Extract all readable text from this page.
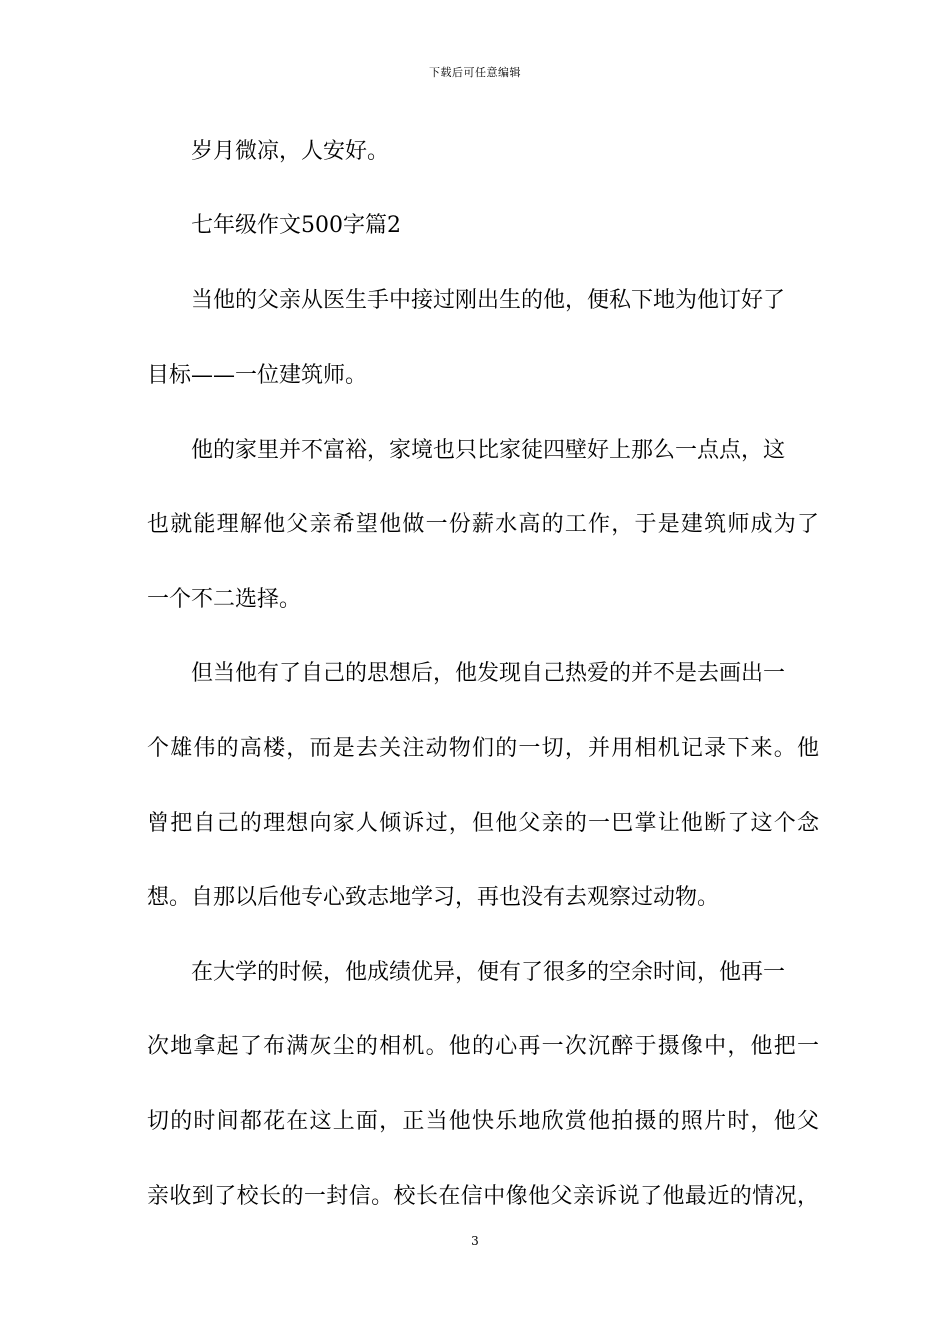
下载后可任意编辑
岁月微凉，人安好。
七年级作文500字篇2
当他的父亲从医生手中接过刚出生的他，便私下地为他订好了
目标——一位建筑师。
他的家里并不富裕，家境也只比家徒四壁好上那么一点点，这
也就能理解他父亲希望他做一份薪水高的工作，于是建筑师成为了
一个不二选择。
但当他有了自己的思想后，他发现自己热爱的并不是去画出一
个雄伟的高楼，而是去关注动物们的一切，并用相机记录下来。他
曾把自己的理想向家人倾诉过，但他父亲的一巴掌让他断了这个念
想。自那以后他专心致志地学习，再也没有去观察过动物。
在大学的时候，他成绩优异，便有了很多的空余时间，他再一
次地拿起了布满灰尘的相机。他的心再一次沉醉于摄像中，他把一
切的时间都花在这上面，正当他快乐地欣赏他拍摄的照片时，他父
亲收到了校长的一封信。校长在信中像他父亲诉说了他最近的情况，
3
